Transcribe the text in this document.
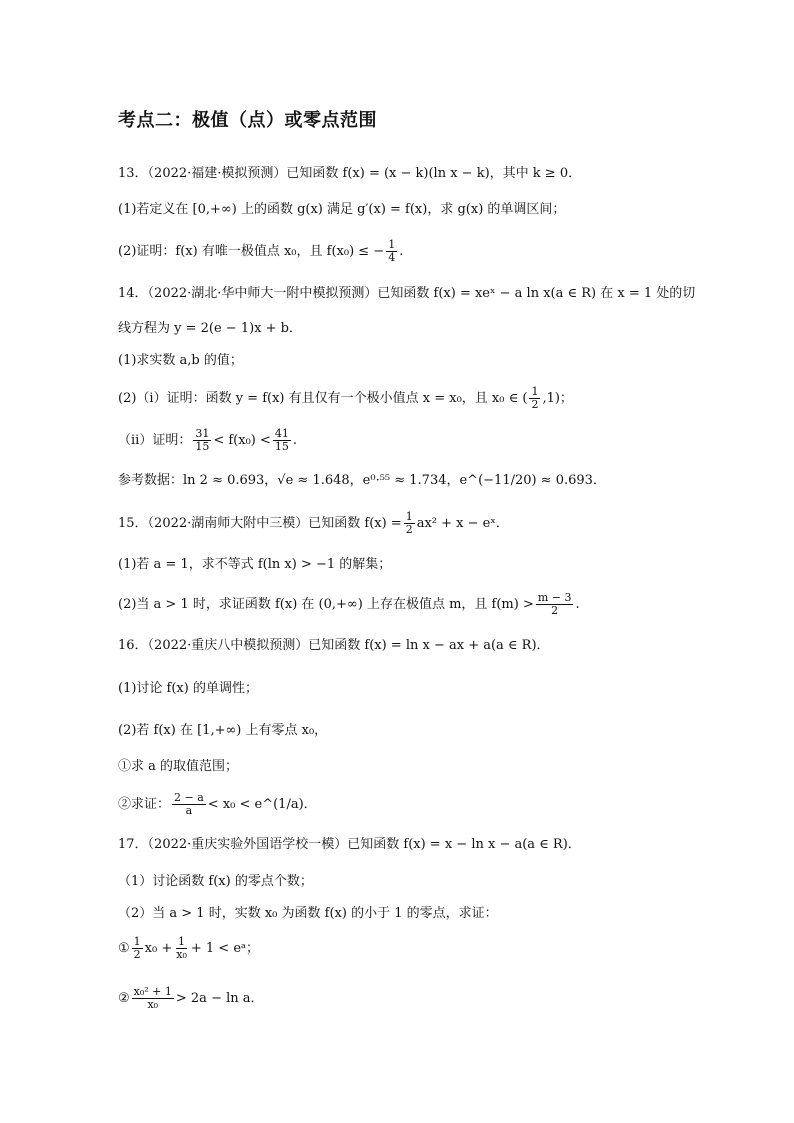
考点二：极值（点）或零点范围
13．（2022·福建·模拟预测）已知函数 f(x) = (x − k)(ln x − k)，其中 k ≥ 0．
(1)若定义在 [0,+∞) 上的函数 g(x) 满足 g′(x) = f(x)，求 g(x) 的单调区间；
(2)证明：f(x) 有唯一极值点 x₀，且 f(x₀) ≤ − $\frac{1}{4}$ .
14．（2022·湖北·华中师大一附中模拟预测）已知函数 f(x) = xeˣ − a ln x(a ∈ R) 在 x = 1 处的切
线方程为 y = 2(e − 1)x + b．
(1)求实数 a,b 的值；
(2)（i）证明：函数 y = f(x) 有且仅有一个极小值点 x = x₀，且 x₀ ∈ ( $\frac{1}{2} ,1$)；
（ii）证明： $\frac{31}{15} < f(x_0) < \frac{41}{15}$ .
参考数据：ln 2 ≈ 0.693，√e ≈ 1.648，e⁰·⁵⁵ ≈ 1.734，e^(−11/20) ≈ 0.693．
15．（2022·湖南师大附中三模）已知函数 $f(x) = \frac{1}{2} ax^2 + x$ − eˣ．
(1)若 a = 1，求不等式 f(ln x) > −1 的解集；
(2)当 a > 1 时，求证函数 f(x) 在 (0,+∞) 上存在极值点 m，且 $f(m) > \frac{m - 3}{2}$ .
16．（2022·重庆八中模拟预测）已知函数 f(x) = ln x − ax + a(a ∈ R)．
(1)讨论 f(x) 的单调性；
(2)若 f(x) 在 [1,+∞) 上有零点 x₀，
①求 a 的取值范围；
②求证： $\frac{2 - a}{a} < x_0$ < e^(1/a)．
17．（2022·重庆实验外国语学校一模）已知函数 f(x) = x − ln x − a(a ∈ R)．
（1）讨论函数 f(x) 的零点个数；
（2）当 a > 1 时，实数 x₀ 为函数 f(x) 的小于 1 的零点，求证：
① $\frac{1}{2} x_0 + \frac{1}{\text{x₀}} + 1$ < eᵃ；
② $\frac{\text{x₀² + 1}}{\text{x₀}} > 2a - \ln a$．
